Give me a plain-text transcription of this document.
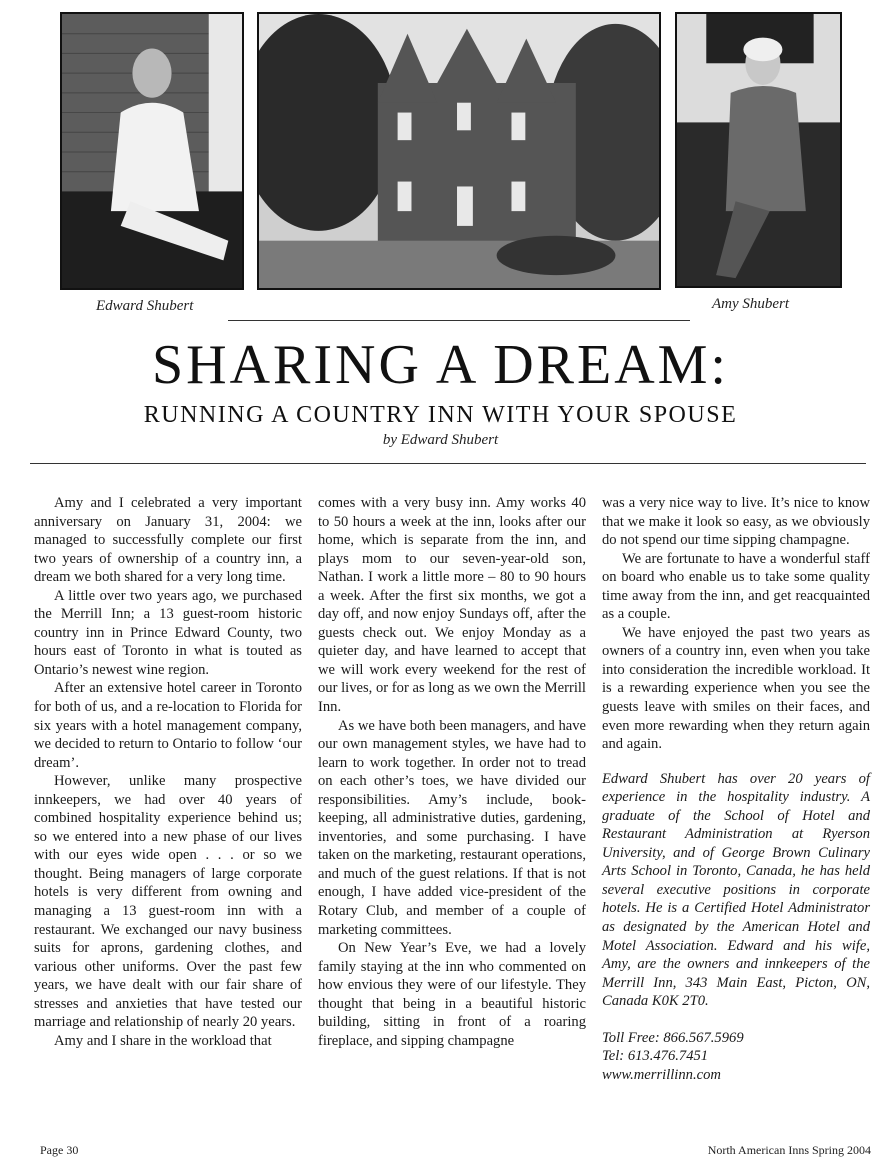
Edward Shubert	Amy Shubert
SHARING A DREAM:
RUNNING A COUNTRY INN WITH YOUR SPOUSE
by Edward Shubert

Amy and I celebrated a very important anniversary on January 31, 2004: we managed to successfully complete our first two years of ownership of a country inn, a dream we both shared for a very long time.

A little over two years ago, we purchased the Merrill Inn; a 13 guest-room historic country inn in Prince Edward County, two hours east of Toronto in what is touted as Ontario’s newest wine region.

After an extensive hotel career in Toronto for both of us, and a re-location to Florida for six years with a hotel management company, we decided to return to Ontario to follow ‘our dream’.

However, unlike many prospective innkeepers, we had over 40 years of combined hospitality experience behind us; so we entered into a new phase of our lives with our eyes wide open . . . or so we thought. Being managers of large corporate hotels is very different from owning and managing a 13 guest-room inn with a restaurant. We exchanged our navy business suits for aprons, gardening clothes, and various other uniforms. Over the past few years, we have dealt with our fair share of stresses and anxieties that have tested our marriage and relationship of nearly 20 years.

Amy and I share in the workload that

comes with a very busy inn. Amy works 40 to 50 hours a week at the inn, looks after our home, which is separate from the inn, and plays mom to our seven-year-old son, Nathan. I work a little more – 80 to 90 hours a week. After the first six months, we got a day off, and now enjoy Sundays off, after the guests check out. We enjoy Monday as a quieter day, and have learned to accept that we will work every weekend for the rest of our lives, or for as long as we own the Merrill Inn.

As we have both been managers, and have our own management styles, we have had to learn to work together. In order not to tread on each other’s toes, we have divided our responsibilities. Amy’s include, book-keeping, all administrative duties, gardening, inventories, and some purchasing. I have taken on the marketing, restaurant operations, and much of the guest relations. If that is not enough, I have added vice-president of the Rotary Club, and member of a couple of marketing committees.

On New Year’s Eve, we had a lovely family staying at the inn who commented on how envious they were of our lifestyle. They thought that being in a beautiful historic building, sitting in front of a roaring fireplace, and sipping champagne

was a very nice way to live. It’s nice to know that we make it look so easy, as we obviously do not spend our time sipping champagne.

We are fortunate to have a wonderful staff on board who enable us to take some quality time away from the inn, and get reacquainted as a couple.

We have enjoyed the past two years as owners of a country inn, even when you take into consideration the incredible workload. It is a rewarding experience when you see the guests leave with smiles on their faces, and even more rewarding when they return again and again.

Edward Shubert has over 20 years of experience in the hospitality industry. A graduate of the School of Hotel and Restaurant Administration at Ryerson University, and of George Brown Culinary Arts School in Toronto, Canada, he has held several executive positions in corporate hotels. He is a Certified Hotel Administrator as designated by the American Hotel and Motel Association. Edward and his wife, Amy, are the owners and innkeepers of the Merrill Inn, 343 Main East, Picton, ON, Canada K0K 2T0.

Toll Free: 866.567.5969
Tel: 613.476.7451
www.merrillinn.com
Page 30	North American Inns Spring 2004
